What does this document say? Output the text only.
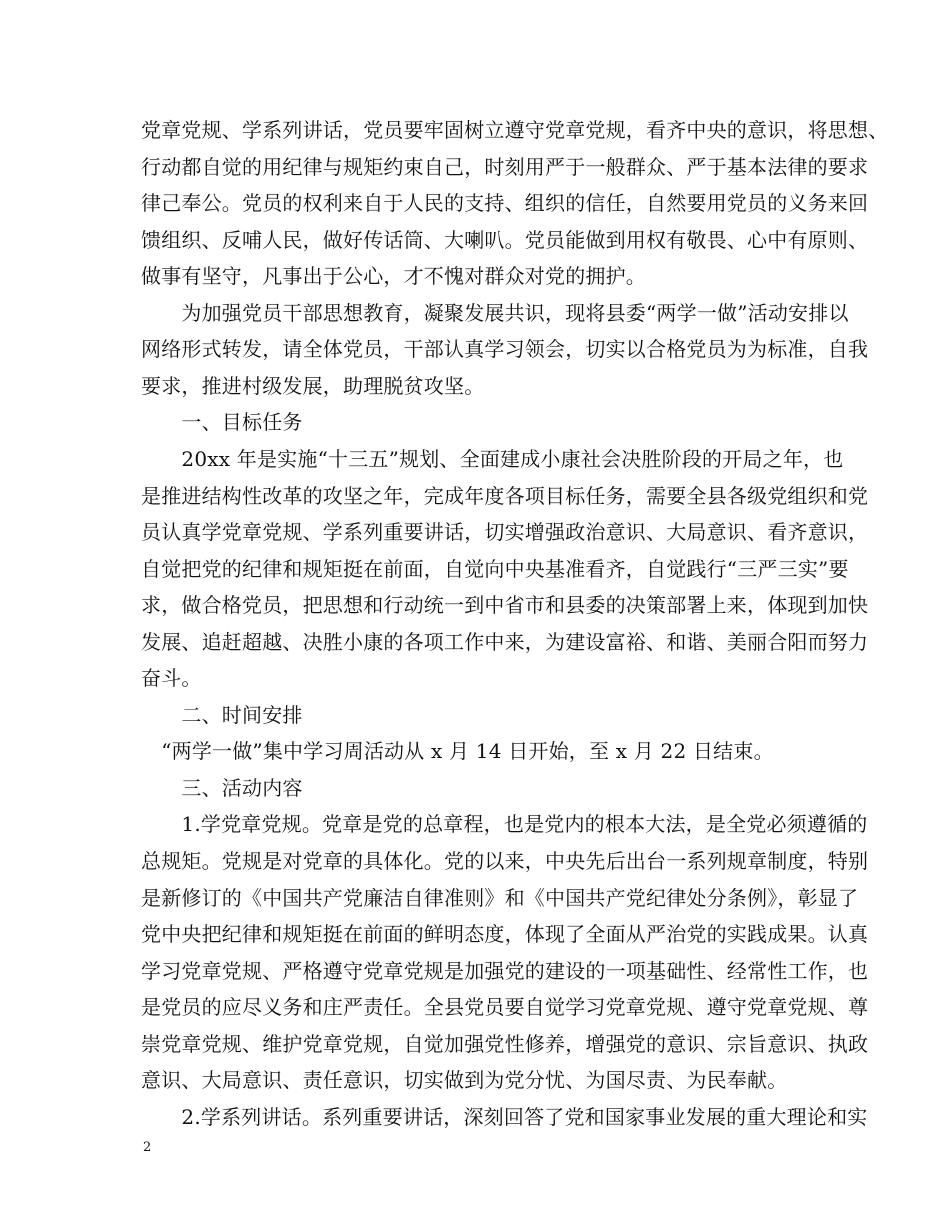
党章党规、学系列讲话，党员要牢固树立遵守党章党规，看齐中央的意识，将思想、
行动都自觉的用纪律与规矩约束自己，时刻用严于一般群众、严于基本法律的要求
律己奉公。党员的权利来自于人民的支持、组织的信任，自然要用党员的义务来回
馈组织、反哺人民，做好传话筒、大喇叭。党员能做到用权有敬畏、心中有原则、
做事有坚守，凡事出于公心，才不愧对群众对党的拥护。
　　为加强党员干部思想教育，凝聚发展共识，现将县委“两学一做”活动安排以
网络形式转发，请全体党员，干部认真学习领会，切实以合格党员为为标准，自我
要求，推进村级发展，助理脱贫攻坚。
　　一、目标任务
　　20xx 年是实施“十三五”规划、全面建成小康社会决胜阶段的开局之年，也
是推进结构性改革的攻坚之年，完成年度各项目标任务，需要全县各级党组织和党
员认真学党章党规、学系列重要讲话，切实增强政治意识、大局意识、看齐意识，
自觉把党的纪律和规矩挺在前面，自觉向中央基准看齐，自觉践行“三严三实”要
求，做合格党员，把思想和行动统一到中省市和县委的决策部署上来，体现到加快
发展、追赶超越、决胜小康的各项工作中来，为建设富裕、和谐、美丽合阳而努力
奋斗。
　　二、时间安排
　“两学一做”集中学习周活动从 x 月 14 日开始，至 x 月 22 日结束。
　　三、活动内容
　　1.学党章党规。党章是党的总章程，也是党内的根本大法，是全党必须遵循的
总规矩。党规是对党章的具体化。党的以来，中央先后出台一系列规章制度，特别
是新修订的《中国共产党廉洁自律准则》和《中国共产党纪律处分条例》，彰显了
党中央把纪律和规矩挺在前面的鲜明态度，体现了全面从严治党的实践成果。认真
学习党章党规、严格遵守党章党规是加强党的建设的一项基础性、经常性工作，也
是党员的应尽义务和庄严责任。全县党员要自觉学习党章党规、遵守党章党规、尊
崇党章党规、维护党章党规，自觉加强党性修养，增强党的意识、宗旨意识、执政
意识、大局意识、责任意识，切实做到为党分忧、为国尽责、为民奉献。
　　2.学系列讲话。系列重要讲话，深刻回答了党和国家事业发展的重大理论和实
2
